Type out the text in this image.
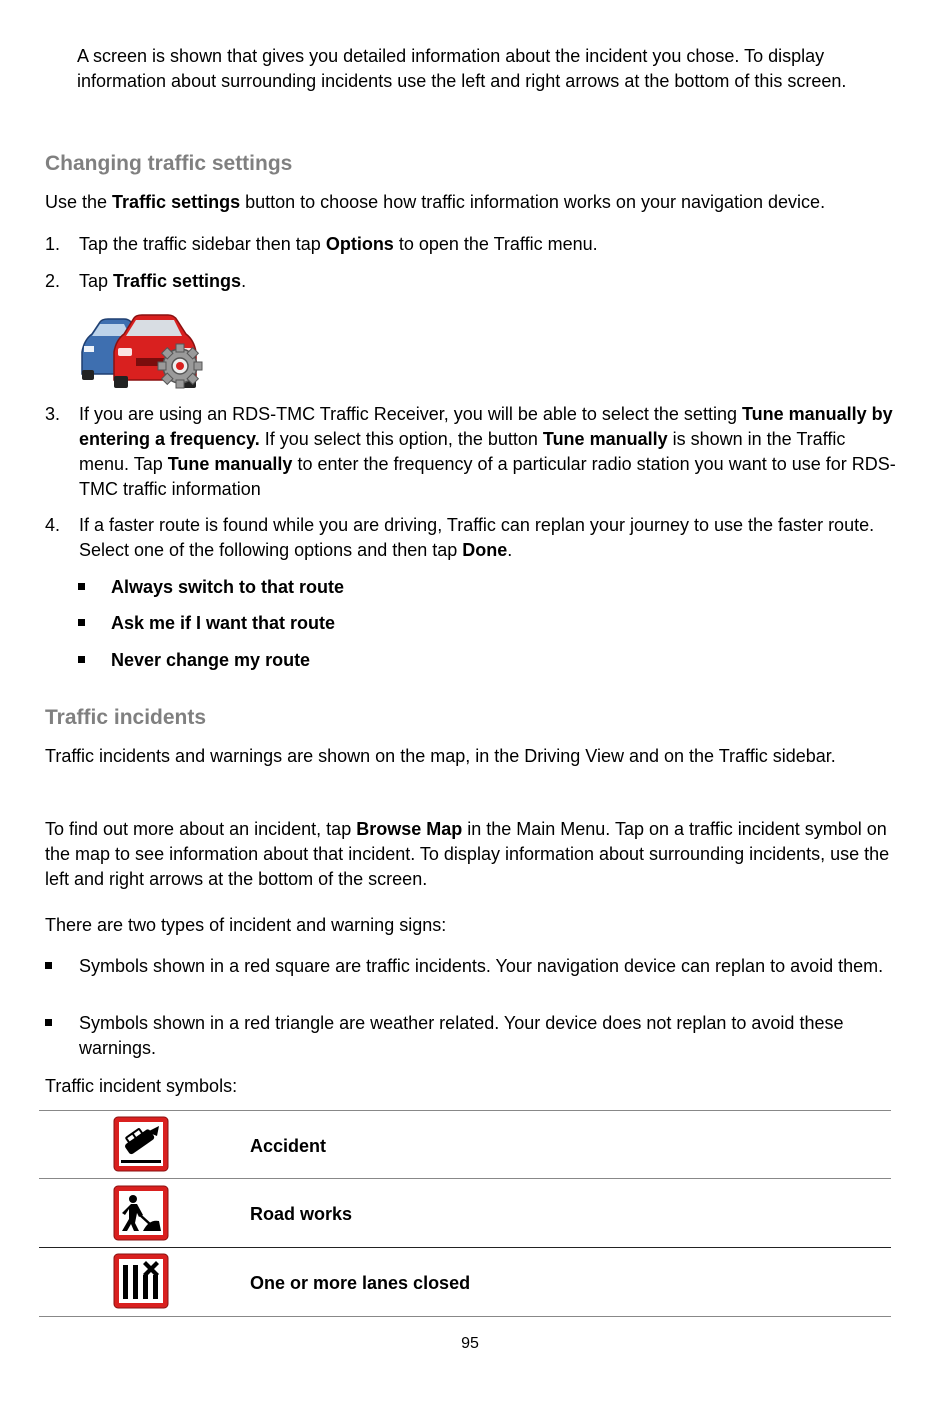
A screen is shown that gives you detailed information about the incident you chose. To display information about surrounding incidents use the left and right arrows at the bottom of this screen.

Changing traffic settings

Use the Traffic settings button to choose how traffic information works on your navigation device.

1. Tap the traffic sidebar then tap Options to open the Traffic menu.

2. Tap Traffic settings.

3. If you are using an RDS-TMC Traffic Receiver, you will be able to select the setting Tune manually by entering a frequency. If you select this option, the button Tune manually is shown in the Traffic menu. Tap Tune manually to enter the frequency of a particular radio station you want to use for RDS-TMC traffic information

4. If a faster route is found while you are driving, Traffic can replan your journey to use the faster route. Select one of the following options and then tap Done.

Always switch to that route
Ask me if I want that route
Never change my route
Traffic incidents

Traffic incidents and warnings are shown on the map, in the Driving View and on the Traffic sidebar.

To find out more about an incident, tap Browse Map in the Main Menu. Tap on a traffic incident symbol on the map to see information about that incident. To display information about surrounding incidents, use the left and right arrows at the bottom of the screen.

There are two types of incident and warning signs:

Symbols shown in a red square are traffic incidents. Your navigation device can replan to avoid them.

Symbols shown in a red triangle are weather related. Your device does not replan to avoid these warnings.

Traffic incident symbols:

Accident
Road works
One or more lanes closed
95
